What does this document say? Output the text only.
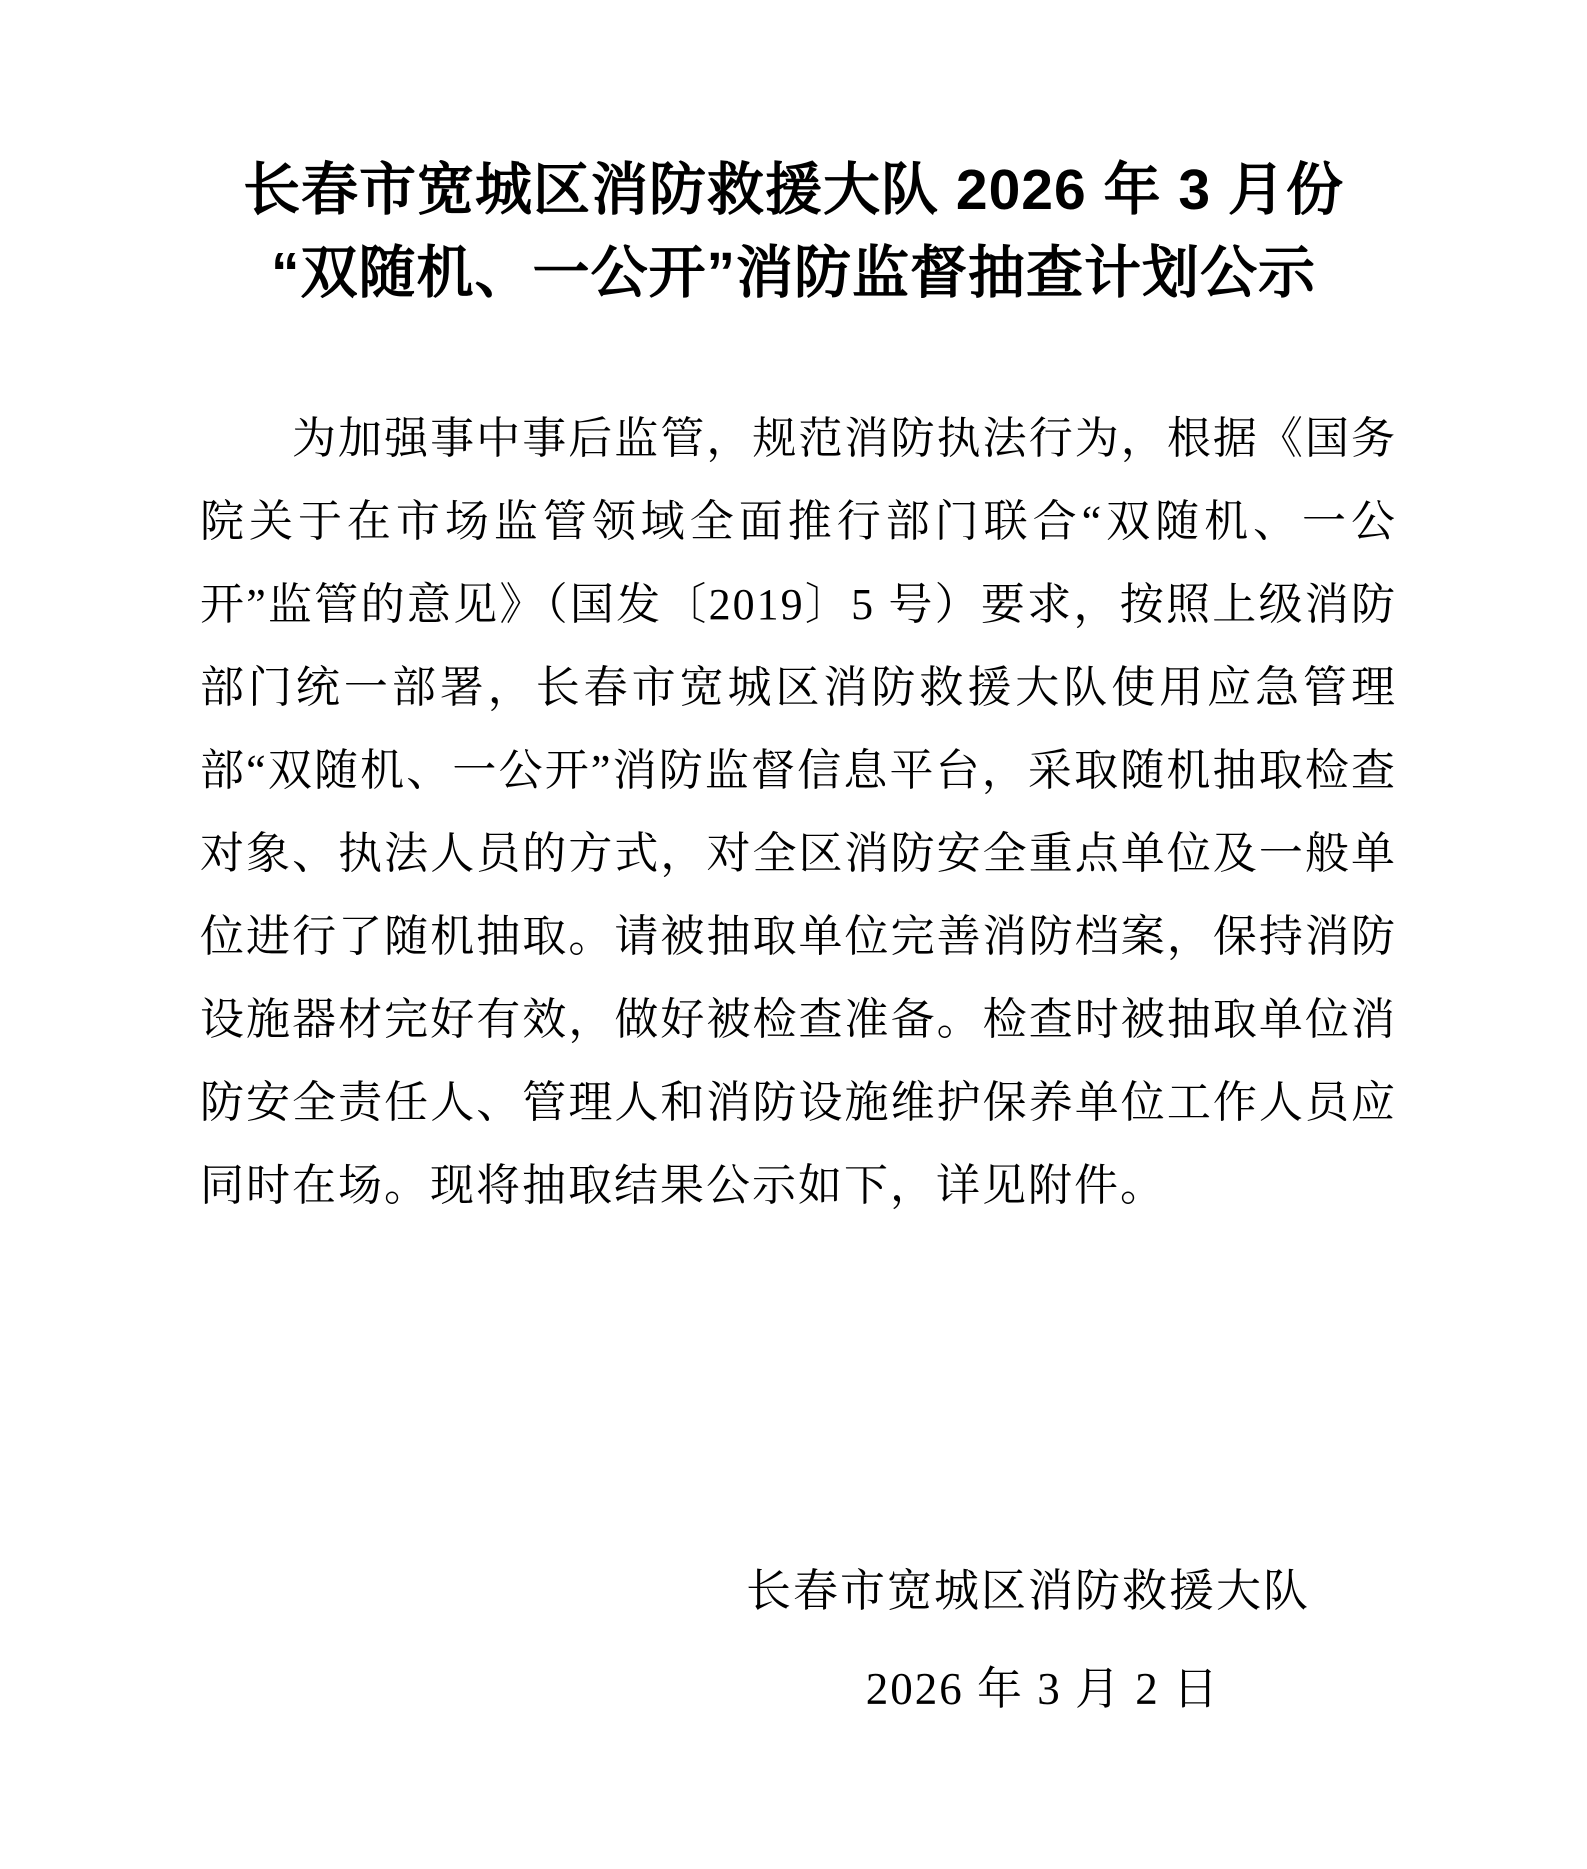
长春市宽城区消防救援大队 2026 年 3 月份
“双随机、一公开”消防监督抽查计划公示

为加强事中事后监管，规范消防执法行为，根据《国务院关于在市场监管领域全面推行部门联合“双随机、一公开”监管的意见》（国发〔2019〕5 号）要求，按照上级消防部门统一部署，长春市宽城区消防救援大队使用应急管理部“双随机、一公开”消防监督信息平台，采取随机抽取检查对象、执法人员的方式，对全区消防安全重点单位及一般单位进行了随机抽取。请被抽取单位完善消防档案，保持消防设施器材完好有效，做好被检查准备。检查时被抽取单位消防安全责任人、管理人和消防设施维护保养单位工作人员应同时在场。现将抽取结果公示如下，详见附件。

长春市宽城区消防救援大队
2026 年 3 月 2 日
